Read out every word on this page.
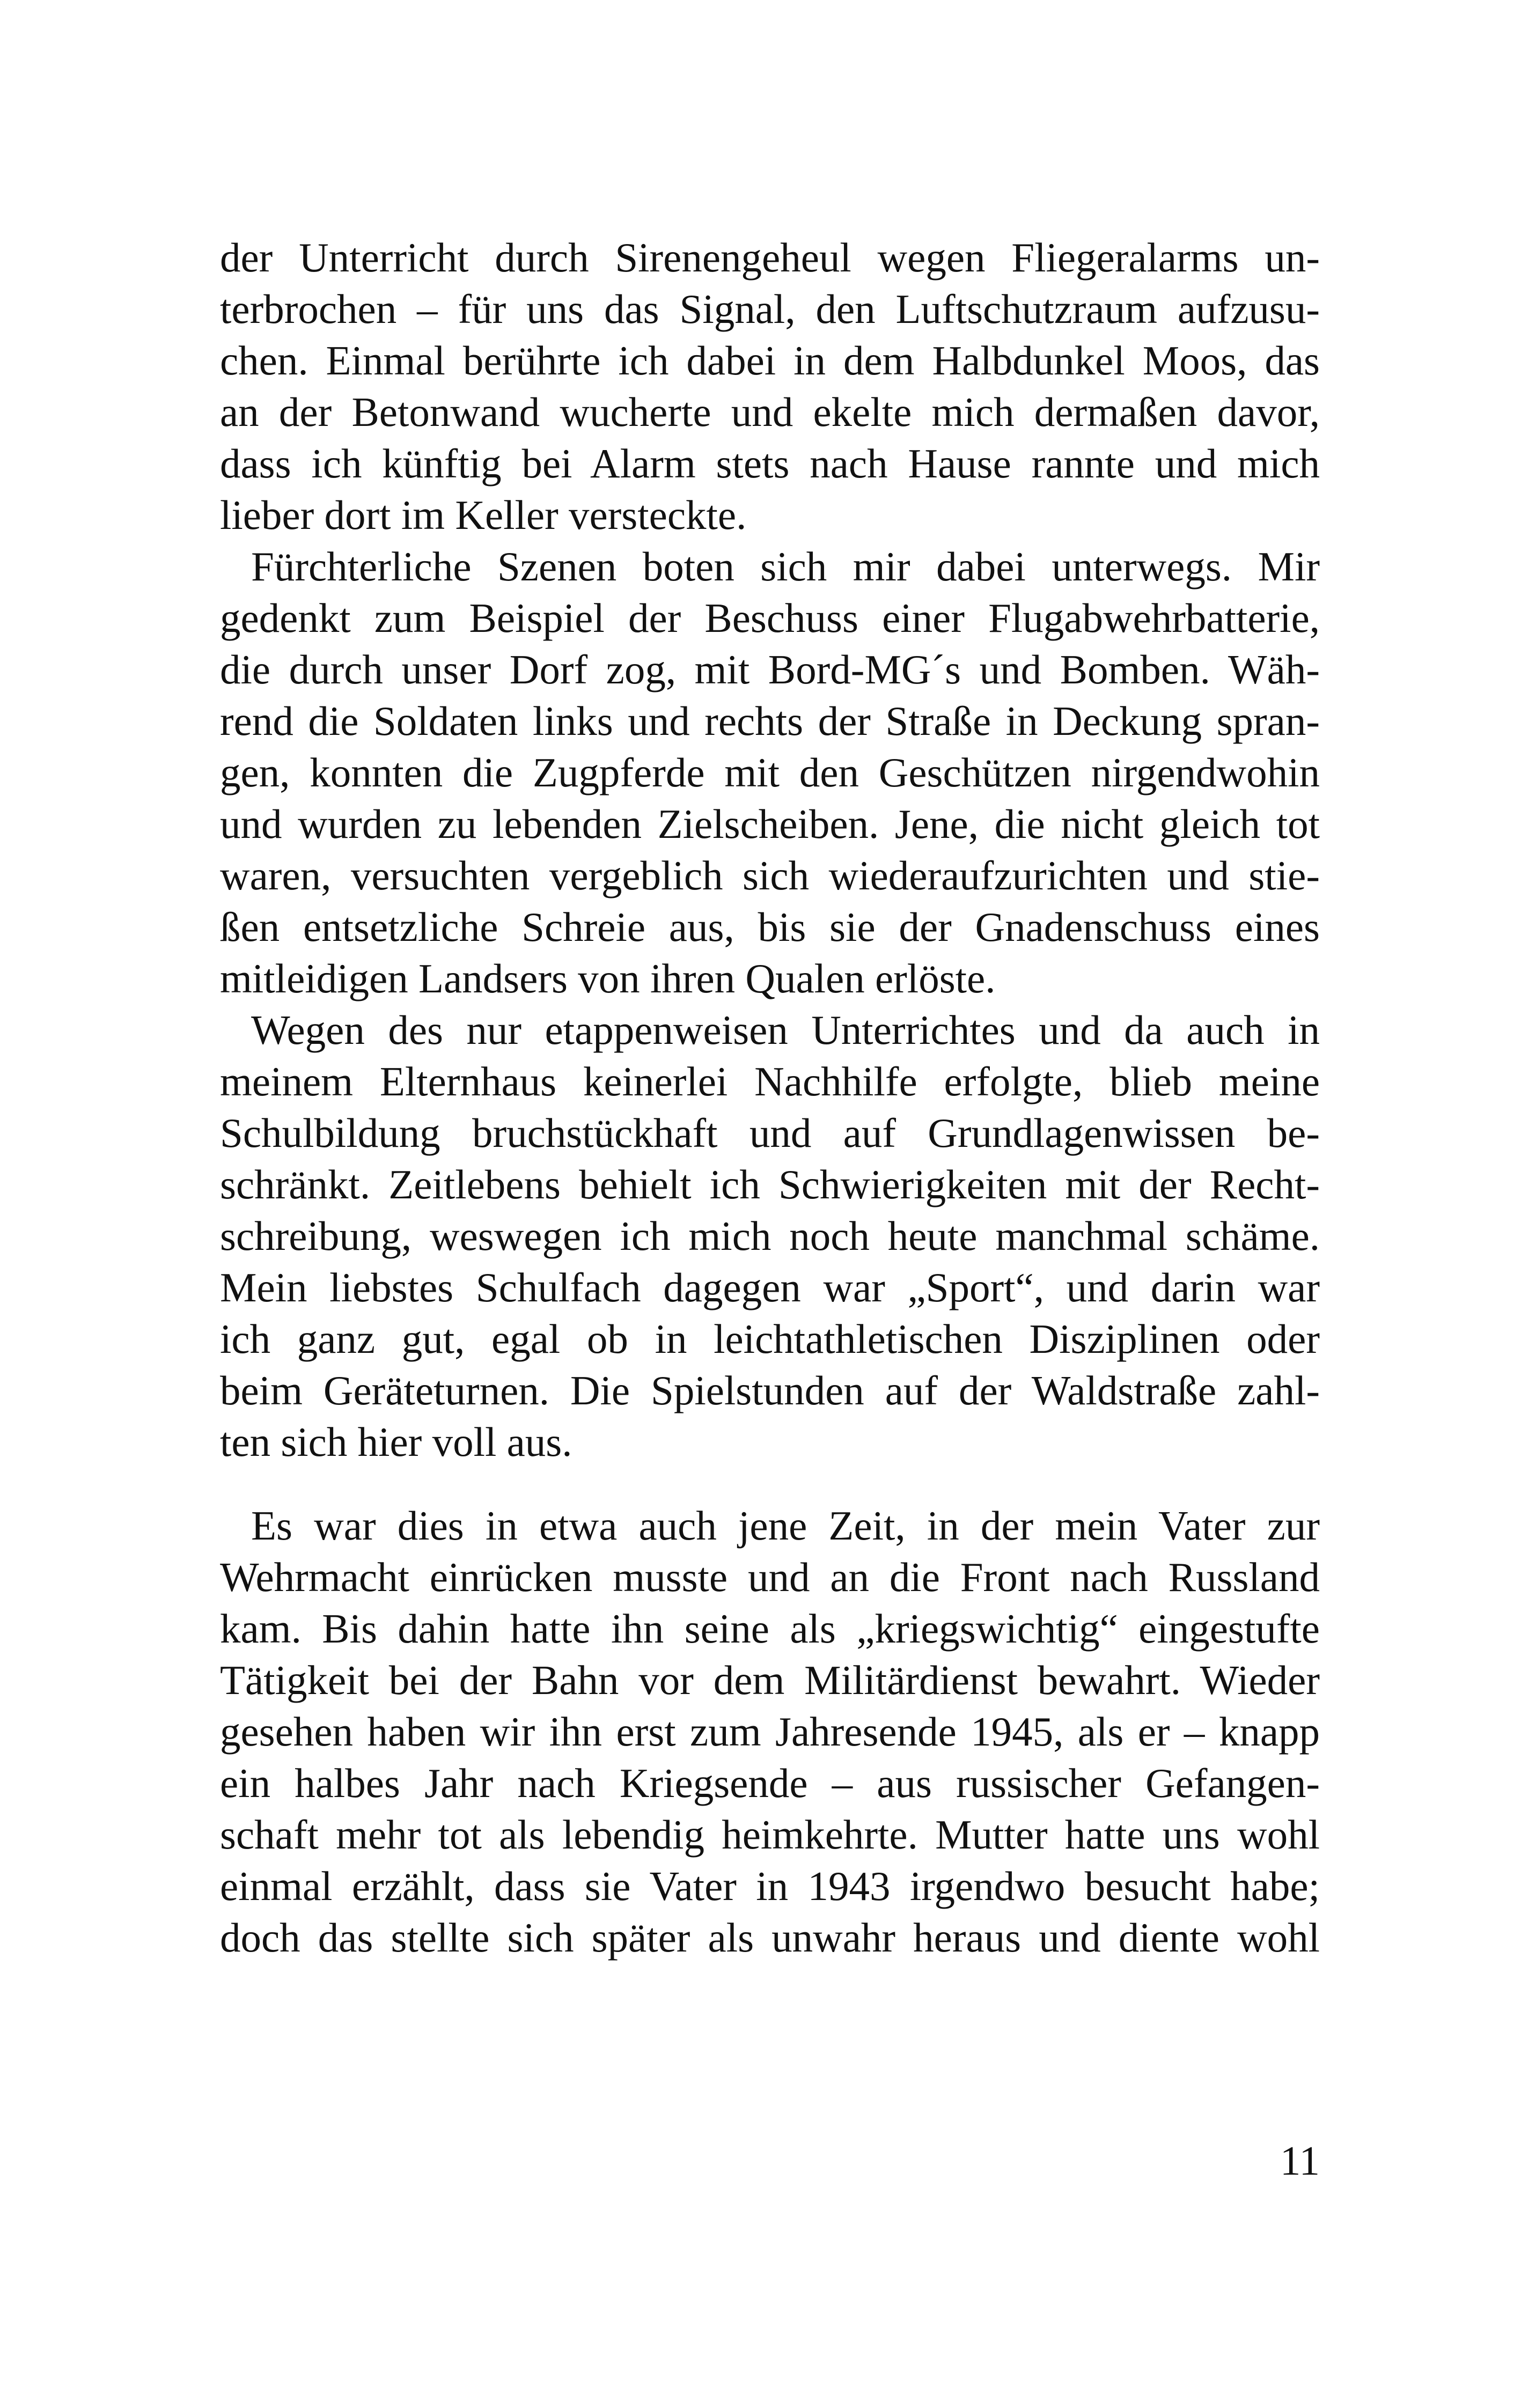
der Unterricht durch Sirenengeheul wegen Fliegeralarms un-
terbrochen – für uns das Signal, den Luftschutzraum aufzusu-
chen. Einmal berührte ich dabei in dem Halbdunkel Moos, das
an der Betonwand wucherte und ekelte mich dermaßen davor,
dass ich künftig bei Alarm stets nach Hause rannte und mich
lieber dort im Keller versteckte.
Fürchterliche Szenen boten sich mir dabei unterwegs. Mir
gedenkt zum Beispiel der Beschuss einer Flugabwehrbatterie,
die durch unser Dorf zog, mit Bord-MG´s und Bomben. Wäh-
rend die Soldaten links und rechts der Straße in Deckung spran-
gen, konnten die Zugpferde mit den Geschützen nirgendwohin
und wurden zu lebenden Zielscheiben. Jene, die nicht gleich tot
waren, versuchten vergeblich sich wiederaufzurichten und stie-
ßen entsetzliche Schreie aus, bis sie der Gnadenschuss eines
mitleidigen Landsers von ihren Qualen erlöste.
Wegen des nur etappenweisen Unterrichtes und da auch in
meinem Elternhaus keinerlei Nachhilfe erfolgte, blieb meine
Schulbildung bruchstückhaft und auf Grundlagenwissen be-
schränkt. Zeitlebens behielt ich Schwierigkeiten mit der Recht-
schreibung, weswegen ich mich noch heute manchmal schäme.
Mein liebstes Schulfach dagegen war „Sport“, und darin war
ich ganz gut, egal ob in leichtathletischen Disziplinen oder
beim Geräteturnen. Die Spielstunden auf der Waldstraße zahl-
ten sich hier voll aus.
Es war dies in etwa auch jene Zeit, in der mein Vater zur
Wehrmacht einrücken musste und an die Front nach Russland
kam. Bis dahin hatte ihn seine als „kriegswichtig“ eingestufte
Tätigkeit bei der Bahn vor dem Militärdienst bewahrt. Wieder
gesehen haben wir ihn erst zum Jahresende 1945, als er – knapp
ein halbes Jahr nach Kriegsende – aus russischer Gefangen-
schaft mehr tot als lebendig heimkehrte. Mutter hatte uns wohl
einmal erzählt, dass sie Vater in 1943 irgendwo besucht habe;
doch das stellte sich später als unwahr heraus und diente wohl
11
